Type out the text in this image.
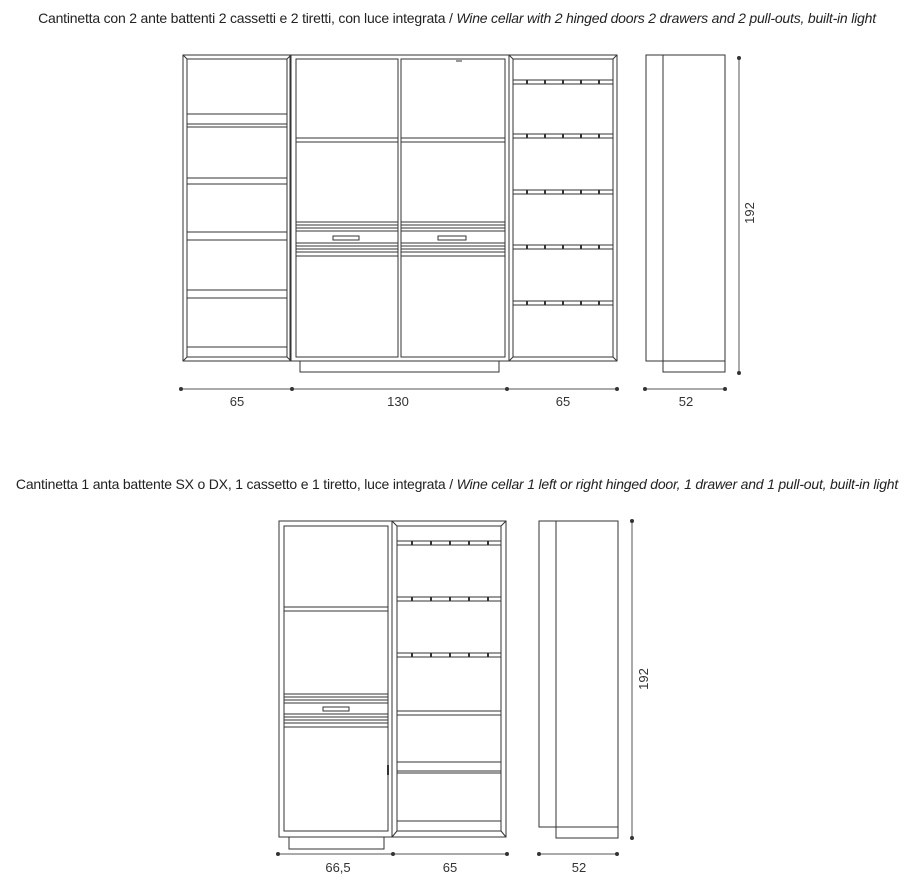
Cantinetta con 2 ante battenti 2 cassetti e 2 tiretti, con luce integrata / Wine cellar with 2 hinged doors 2 drawers and 2 pull-outs, built-in light
Cantinetta 1 anta battente SX o DX, 1 cassetto e 1 tiretto, luce integrata / Wine cellar 1 left or right hinged door, 1 drawer and 1 pull-out, built-in light
65	130	65	52
192
66,5	65	52
192
